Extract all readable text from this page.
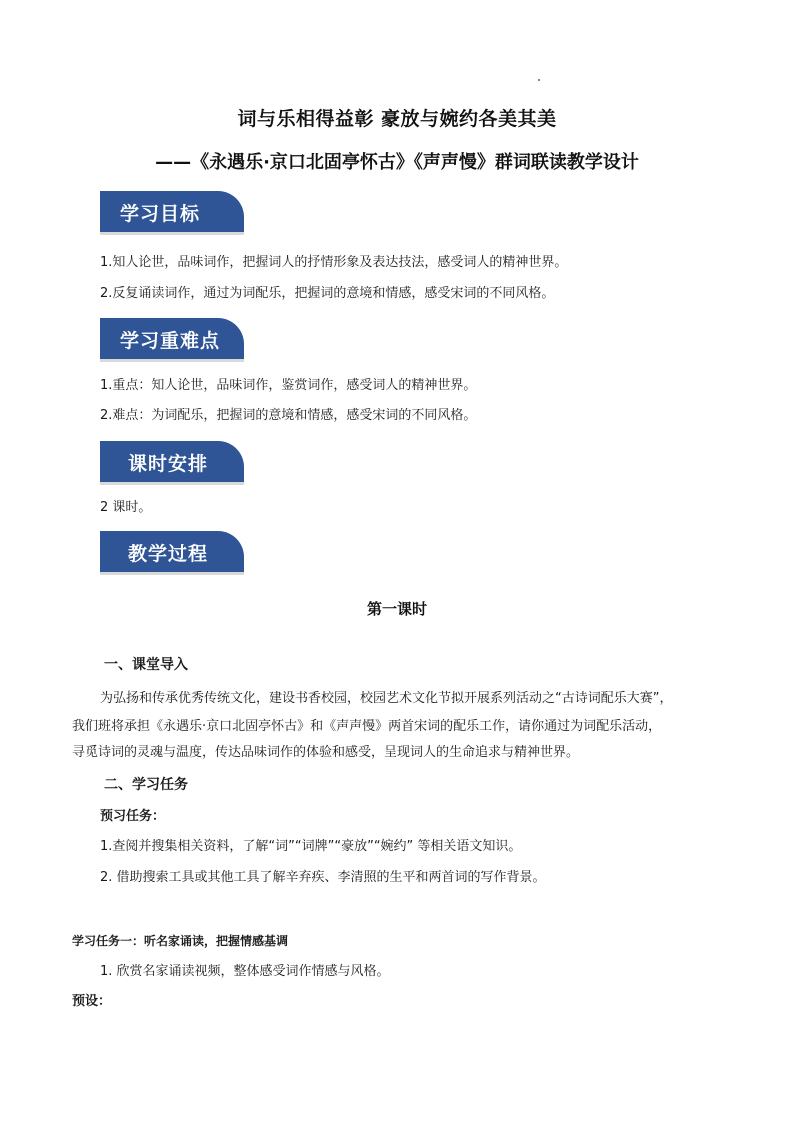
词与乐相得益彰 豪放与婉约各美其美
——《永遇乐·京口北固亭怀古》《声声慢》群词联读教学设计
学习目标
1.知人论世，品味词作，把握词人的抒情形象及表达技法，感受词人的精神世界。
2.反复诵读词作，通过为词配乐，把握词的意境和情感，感受宋词的不同风格。
学习重难点
1.重点：知人论世，品味词作，鉴赏词作，感受词人的精神世界。
2.难点：为词配乐，把握词的意境和情感，感受宋词的不同风格。
课时安排
2 课时。
教学过程
第一课时
一、课堂导入
为弘扬和传承优秀传统文化，建设书香校园，校园艺术文化节拟开展系列活动之“古诗词配乐大赛”，
我们班将承担《永遇乐·京口北固亭怀古》和《声声慢》两首宋词的配乐工作，请你通过为词配乐活动，
寻觅诗词的灵魂与温度，传达品味词作的体验和感受，呈现词人的生命追求与精神世界。
二、学习任务
预习任务：
1.查阅并搜集相关资料，了解“词”“词牌”“豪放”“婉约” 等相关语文知识。
2. 借助搜索工具或其他工具了解辛弃疾、李清照的生平和两首词的写作背景。
学习任务一：听名家诵读，把握情感基调
1. 欣赏名家诵读视频，整体感受词作情感与风格。
预设：
